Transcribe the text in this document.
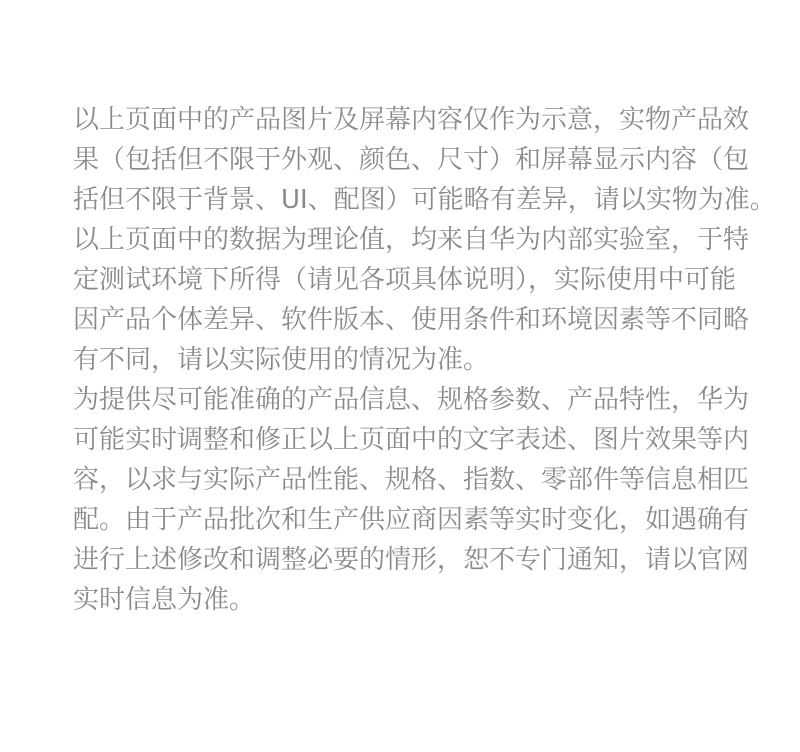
以上页面中的产品图片及屏幕内容仅作为示意，实物产品效
果（包括但不限于外观、颜色、尺寸）和屏幕显示内容（包
括但不限于背景、UI、配图）可能略有差异，请以实物为准。
以上页面中的数据为理论值，均来自华为内部实验室，于特
定测试环境下所得（请见各项具体说明），实际使用中可能
因产品个体差异、软件版本、使用条件和环境因素等不同略
有不同，请以实际使用的情况为准。
为提供尽可能准确的产品信息、规格参数、产品特性，华为
可能实时调整和修正以上页面中的文字表述、图片效果等内
容，以求与实际产品性能、规格、指数、零部件等信息相匹
配。由于产品批次和生产供应商因素等实时变化，如遇确有
进行上述修改和调整必要的情形，恕不专门通知，请以官网
实时信息为准。
